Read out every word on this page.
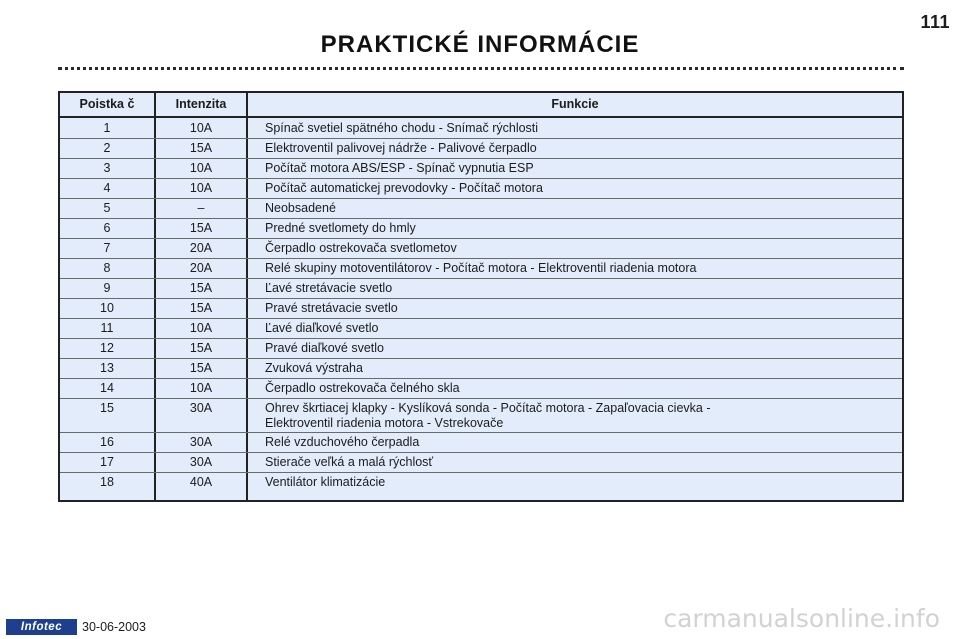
111
PRAKTICKÉ INFORMÁCIE
Poistka č	Intenzita	Funkcie
1	10A	Spínač svetiel spätného chodu - Snímač rýchlosti
2	15A	Elektroventil palivovej nádrže - Palivové čerpadlo
3	10A	Počítač motora ABS/ESP - Spínač vypnutia ESP
4	10A	Počítač automatickej prevodovky - Počítač motora
5	–	Neobsadené
6	15A	Predné svetlomety do hmly
7	20A	Čerpadlo ostrekovača svetlometov
8	20A	Relé skupiny motoventilátorov - Počítač motora - Elektroventil riadenia motora
9	15A	Ľavé stretávacie svetlo
10	15A	Pravé stretávacie svetlo
11	10A	Ľavé diaľkové svetlo
12	15A	Pravé diaľkové svetlo
13	15A	Zvuková výstraha
14	10A	Čerpadlo ostrekovača čelného skla
15	30A	Ohrev škrtiacej klapky - Kyslíková sonda - Počítač motora - Zapaľovacia cievka -
Elektroventil riadenia motora - Vstrekovače
16	30A	Relé vzduchového čerpadla
17	30A	Stierače veľká a malá rýchlosť
18	40A	Ventilátor klimatizácie
Infotec	30-06-2003	carmanualsonline.info
